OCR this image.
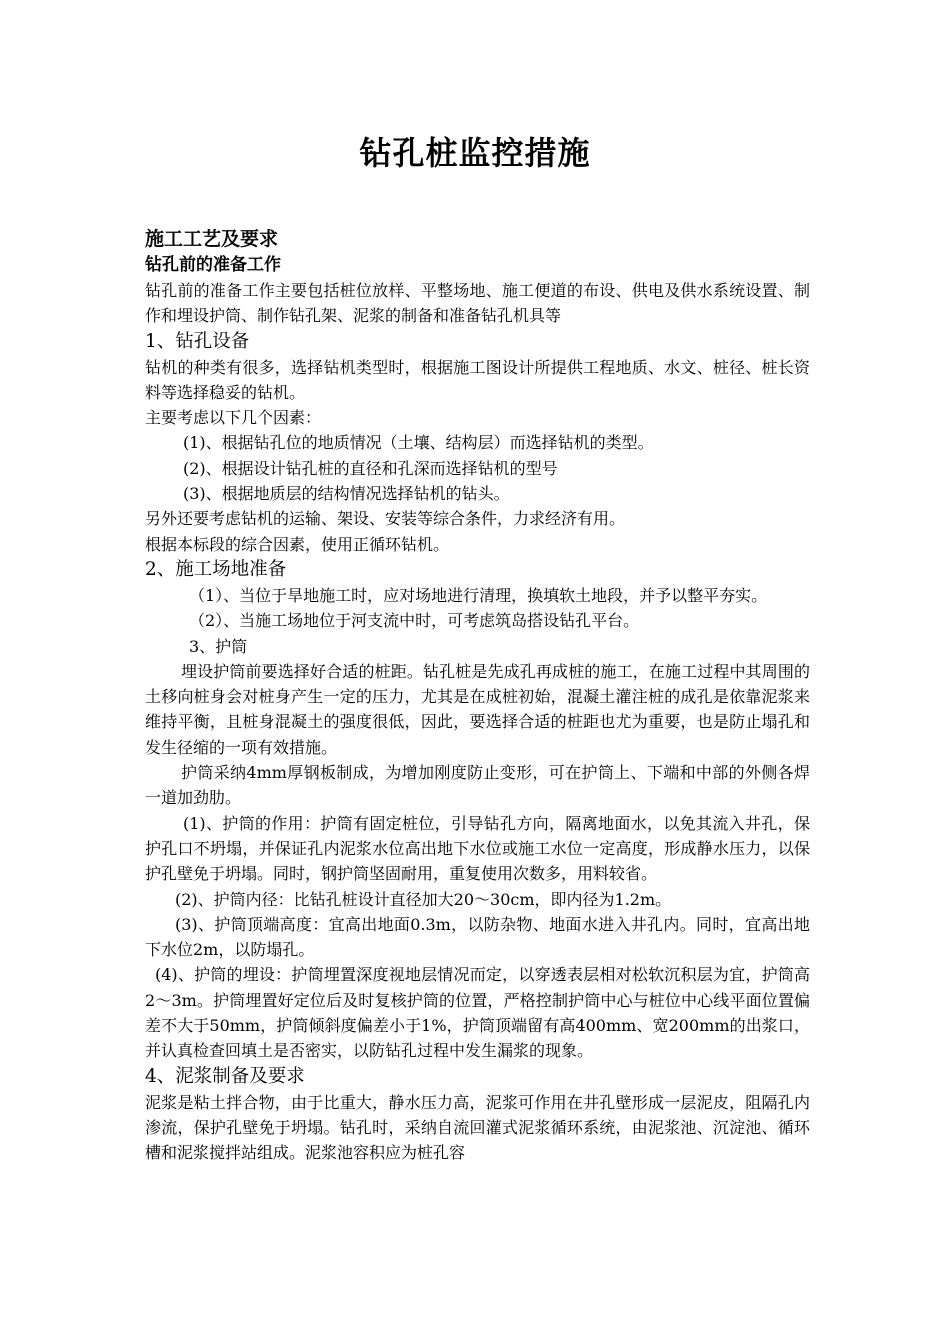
钻孔桩监控措施
施工工艺及要求
钻孔前的准备工作

钻孔前的准备工作主要包括桩位放样、平整场地、施工便道的布设、供电及供水系统设置、制作和埋设护筒、制作钻孔架、泥浆的制备和准备钻孔机具等

1、钻孔设备

钻机的种类有很多，选择钻机类型时，根据施工图设计所提供工程地质、水文、桩径、桩长资料等选择稳妥的钻机。

主要考虑以下几个因素：

(1)、根据钻孔位的地质情况（土壤、结构层）而选择钻机的类型。

(2)、根据设计钻孔桩的直径和孔深而选择钻机的型号

(3)、根据地质层的结构情况选择钻机的钻头。

另外还要考虑钻机的运输、架设、安装等综合条件，力求经济有用。

根据本标段的综合因素，使用正循环钻机。

2、施工场地准备

（1）、当位于旱地施工时，应对场地进行清理，换填软土地段，并予以整平夯实。

（2）、当施工场地位于河支流中时，可考虑筑岛搭设钻孔平台。

3、护筒

埋设护筒前要选择好合适的桩距。钻孔桩是先成孔再成桩的施工，在施工过程中其周围的土移向桩身会对桩身产生一定的压力，尤其是在成桩初始，混凝土灌注桩的成孔是依靠泥浆来维持平衡，且桩身混凝土的强度很低，因此，要选择合适的桩距也尤为重要，也是防止塌孔和发生径缩的一项有效措施。

护筒采纳4mm厚钢板制成，为增加刚度防止变形，可在护筒上、下端和中部的外侧各焊一道加劲肋。

(1)、护筒的作用：护筒有固定桩位，引导钻孔方向，隔离地面水，以免其流入井孔，保护孔口不坍塌，并保证孔内泥浆水位高出地下水位或施工水位一定高度，形成静水压力，以保护孔壁免于坍塌。同时，钢护筒坚固耐用，重复使用次数多，用料较省。

(2)、护筒内径：比钻孔桩设计直径加大20～30cm，即内径为1.2m。

(3)、护筒顶端高度：宜高出地面0.3m，以防杂物、地面水进入井孔内。同时，宜高出地下水位2m，以防塌孔。

(4)、护筒的埋设：护筒埋置深度视地层情况而定，以穿透表层相对松软沉积层为宜，护筒高2～3m。护筒埋置好定位后及时复核护筒的位置，严格控制护筒中心与桩位中心线平面位置偏差不大于50mm，护筒倾斜度偏差小于1%，护筒顶端留有高400mm、宽200mm的出浆口，并认真检查回填土是否密实，以防钻孔过程中发生漏浆的现象。

4、泥浆制备及要求

泥浆是粘土拌合物，由于比重大，静水压力高，泥浆可作用在井孔壁形成一层泥皮，阻隔孔内渗流，保护孔壁免于坍塌。钻孔时，采纳自流回灌式泥浆循环系统，由泥浆池、沉淀池、循环槽和泥浆搅拌站组成。泥浆池容积应为桩孔容
